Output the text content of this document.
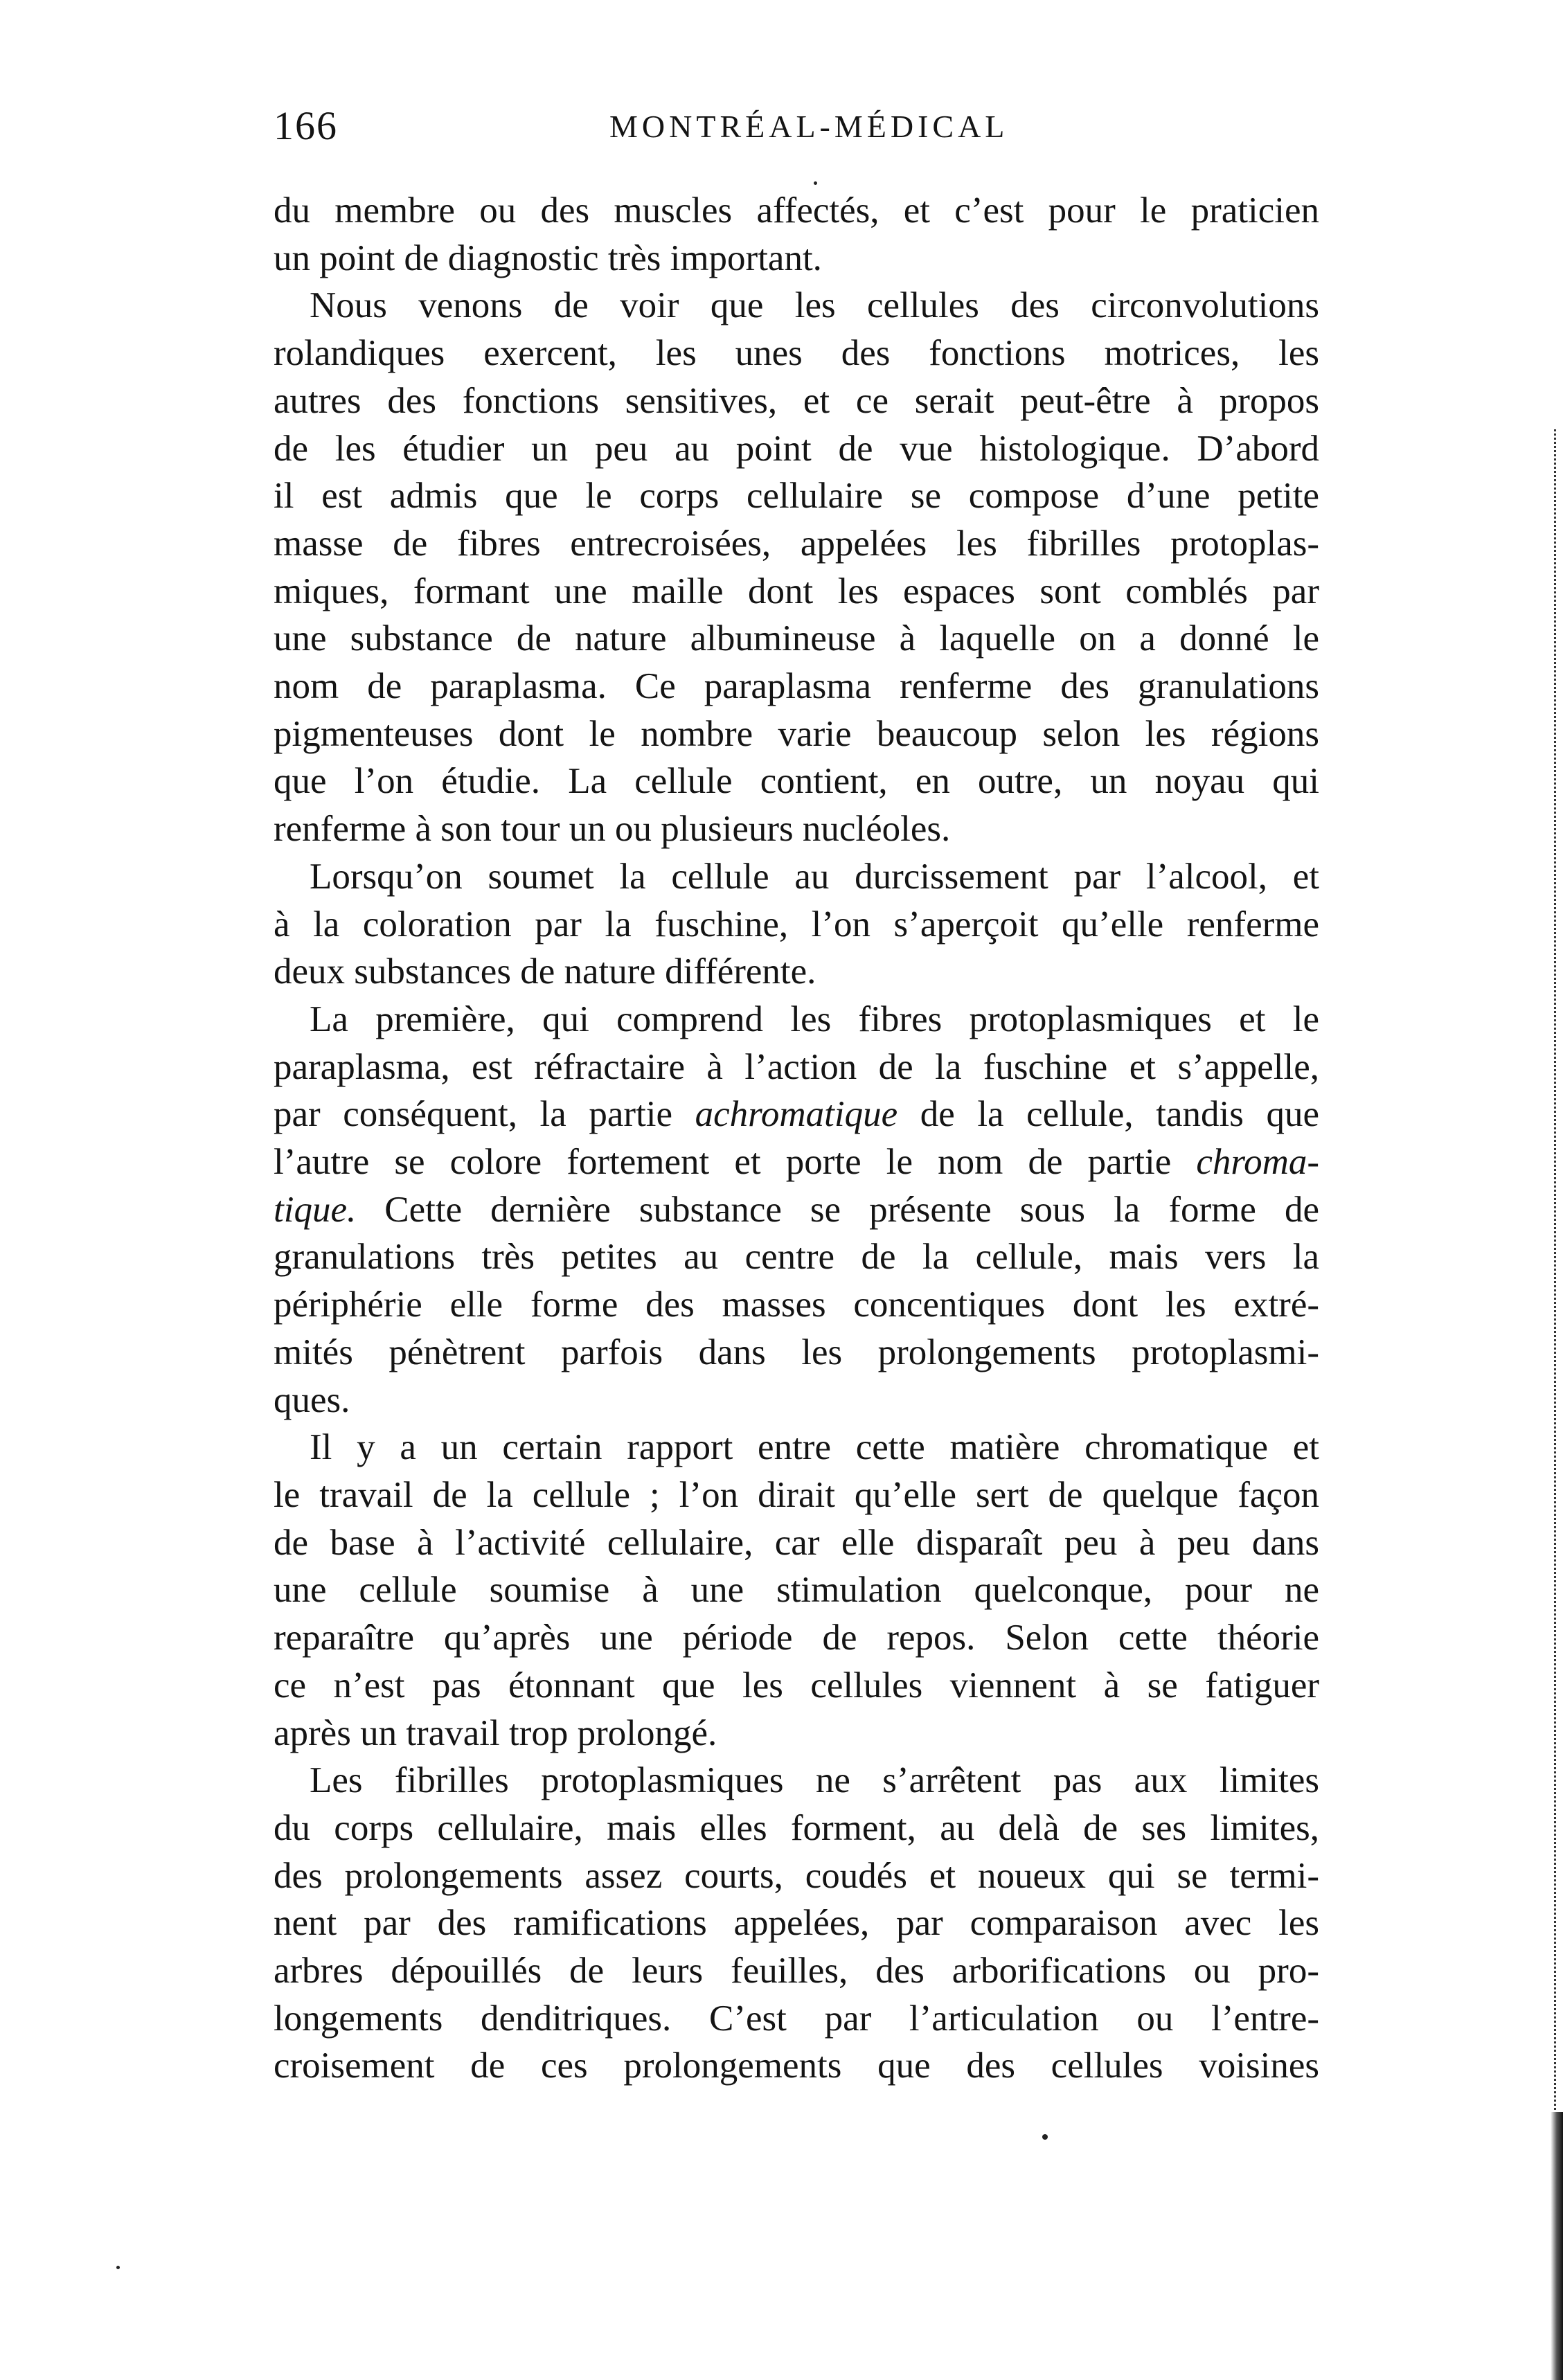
166	MONTRÉAL-MÉDICAL
du membre ou des muscles affectés, et c’est pour le praticien
un point de diagnostic très important.
Nous venons de voir que les cellules des circonvolutions
rolandiques exercent, les unes des fonctions motrices, les
autres des fonctions sensitives, et ce serait peut-être à propos
de les étudier un peu au point de vue histologique. D’abord
il est admis que le corps cellulaire se compose d’une petite
masse de fibres entrecroisées, appelées les fibrilles protoplas-
miques, formant une maille dont les espaces sont comblés par
une substance de nature albumineuse à laquelle on a donné le
nom de paraplasma. Ce paraplasma renferme des granulations
pigmenteuses dont le nombre varie beaucoup selon les régions
que l’on étudie. La cellule contient, en outre, un noyau qui
renferme à son tour un ou plusieurs nucléoles.
Lorsqu’on soumet la cellule au durcissement par l’alcool, et
à la coloration par la fuschine, l’on s’aperçoit qu’elle renferme
deux substances de nature différente.
La première, qui comprend les fibres protoplasmiques et le
paraplasma, est réfractaire à l’action de la fuschine et s’appelle,
par conséquent, la partie achromatique de la cellule, tandis que
l’autre se colore fortement et porte le nom de partie chroma-
tique. Cette dernière substance se présente sous la forme de
granulations très petites au centre de la cellule, mais vers la
périphérie elle forme des masses concentiques dont les extré-
mités pénètrent parfois dans les prolongements protoplasmi-
ques.
Il y a un certain rapport entre cette matière chromatique et
le travail de la cellule ; l’on dirait qu’elle sert de quelque façon
de base à l’activité cellulaire, car elle disparaît peu à peu dans
une cellule soumise à une stimulation quelconque, pour ne
reparaître qu’après une période de repos. Selon cette théorie
ce n’est pas étonnant que les cellules viennent à se fatiguer
après un travail trop prolongé.
Les fibrilles protoplasmiques ne s’arrêtent pas aux limites
du corps cellulaire, mais elles forment, au delà de ses limites,
des prolongements assez courts, coudés et noueux qui se termi-
nent par des ramifications appelées, par comparaison avec les
arbres dépouillés de leurs feuilles, des arborifications ou pro-
longements denditriques. C’est par l’articulation ou l’entre-
croisement de ces prolongements que des cellules voisines
